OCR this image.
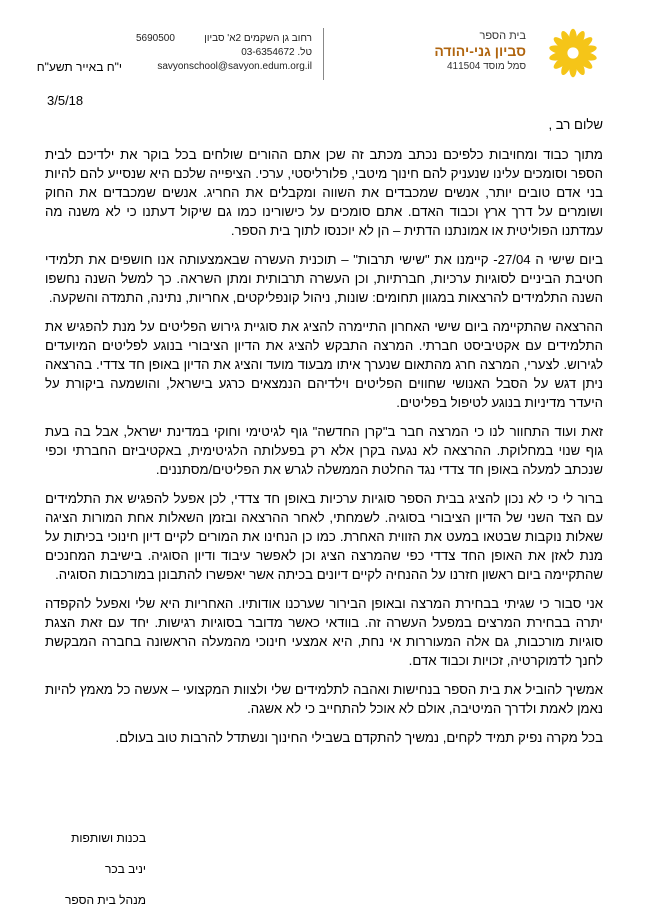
בית הספר
סביון גני-יהודה
סמל מוסד 411504
רחוב גן השקמים 2א' סביון
5690500
טל. 03-6354672
savyonschool@savyon.edum.org.il
י"ח באייר תשע"ח
3/5/18

שלום רב ,

מתוך כבוד ומחויבות כלפיכם נכתב מכתב זה שכן אתם ההורים שולחים בכל בוקר את ילדיכם לבית הספר וסומכים עלינו שנעניק להם חינוך מיטבי, פלורליסטי, ערכי. הציפייה שלכם היא שנסייע להם להיות בני אדם טובים יותר, אנשים שמכבדים את השווה ומקבלים את החריג. אנשים שמכבדים את החוק ושומרים על דרך ארץ וכבוד האדם. אתם סומכים על כישורינו כמו גם שיקול דעתנו כי לא משנה מה עמדתנו הפוליטית או אמונתנו הדתית – הן לא יוכנסו לתוך בית הספר.

ביום שישי ה 27/04- קיימנו את "שישי תרבות" – תוכנית העשרה שבאמצעותה אנו חושפים את תלמידי חטיבת הביניים לסוגיות ערכיות, חברתיות, וכן העשרה תרבותית ומתן השראה. כך למשל השנה נחשפו השנה התלמידים להרצאות במגוון תחומים: שונות, ניהול קונפליקטים, אחריות, נתינה, התמדה והשקעה.

ההרצאה שהתקיימה ביום שישי האחרון התיימרה להציג את סוגיית גירוש הפליטים על מנת להפגיש את התלמידים עם אקטיביסט חברתי. המרצה התבקש להציג את הדיון הציבורי בנוגע לפליטים המיועדים לגירוש. לצערי, המרצה חרג מהתאום שנערך איתו מבעוד מועד והציג את הדיון באופן חד צדדי. בהרצאה ניתן דגש על הסבל האנושי שחווים הפליטים וילדיהם הנמצאים כרגע בישראל, והושמעה ביקורת על היעדר מדיניות בנוגע לטיפול בפליטים.

זאת ועוד התחוור לנו כי המרצה חבר ב"קרן החדשה" גוף לגיטימי וחוקי במדינת ישראל, אבל בה בעת גוף שנוי במחלוקת. ההרצאה לא נגעה בקרן אלא רק בפעלותה הלגיטימית, באקטיביזם החברתי וכפי שנכתב למעלה באופן חד צדדי נגד החלטת הממשלה לגרש את הפליטים/מסתננים.

ברור לי כי לא נכון להציג בבית הספר סוגיות ערכיות באופן חד צדדי, לכן אפעל להפגיש את התלמידים עם הצד השני של הדיון הציבורי בסוגיה. לשמחתי, לאחר ההרצאה ובזמן השאלות אחת המורות הציגה שאלות נוקבות שבטאו במעט את הזווית האחרת. כמו כן הנחינו את המורים לקיים דיון חינוכי בכיתות על מנת לאזן את האופן החד צדדי כפי שהמרצה הציג וכן לאפשר עיבוד ודיון הסוגיה. בישיבת המחנכים שהתקיימה ביום ראשון חזרנו על ההנחיה לקיים דיונים בכיתה אשר יאפשרו להתבונן במורכבות הסוגיה.

אני סבור כי שגיתי בבחירת המרצה ובאופן הבירור שערכנו אודותיו. האחריות היא שלי ואפעל להקפדה יתרה בבחירת המרצים במפעל העשרה זה. בוודאי כאשר מדובר בסוגיות רגישות. יחד עם זאת הצגת סוגיות מורכבות, גם אלה המעוררות אי נחת, היא אמצעי חינוכי מהמעלה הראשונה בחברה המבקשת לחנך לדמוקרטיה, זכויות וכבוד אדם.

אמשיך להוביל את בית הספר בנחישות ואהבה לתלמידים שלי ולצוות המקצועי – אעשה כל מאמץ להיות נאמן לאמת ולדרך המיטיבה, אולם לא אוכל להתחייב כי לא אשגה.

בכל מקרה נפיק תמיד לקחים, נמשיך להתקדם בשבילי החינוך ונשתדל להרבות טוב בעולם.

בכנות ושותפות
יניב בכר
מנהל בית הספר
